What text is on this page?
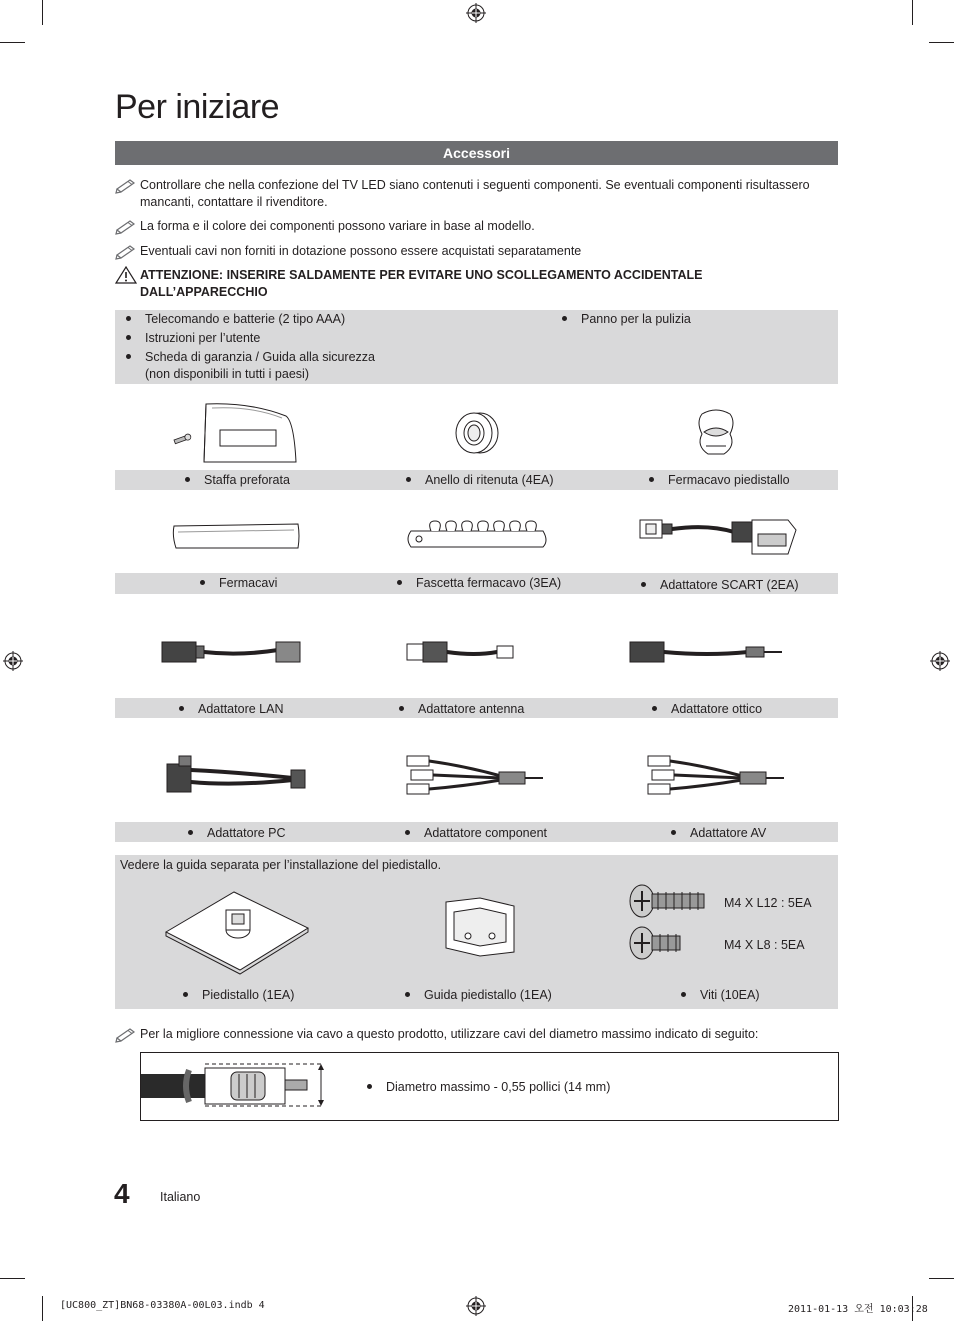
Per iniziare
Accessori
Controllare che nella confezione del TV LED siano contenuti i seguenti componenti. Se eventuali componenti risultassero mancanti, contattare il rivenditore.
La forma e il colore dei componenti possono variare in base al modello.
Eventuali cavi non forniti in dotazione possono essere acquistati separatamente
ATTENZIONE: INSERIRE SALDAMENTE PER EVITARE UNO SCOLLEGAMENTO ACCIDENTALE DALL’APPARECCHIO
Telecomando e batterie (2 tipo AAA)
Istruzioni per l’utente
Scheda di garanzia / Guida alla sicurezza
(non disponibili in tutti i paesi)
Panno per la pulizia
Staffa preforata	Anello di ritenuta (4EA)	Fermacavo piedistallo
Fermacavi	Fascetta fermacavo (3EA)	Adattatore SCART (2EA)
Adattatore LAN	Adattatore antenna	Adattatore ottico
Adattatore PC	Adattatore component	Adattatore AV
Vedere la guida separata per l’installazione del piedistallo.
M4 X L12 : 5EA
M4 X L8 : 5EA
Piedistallo (1EA)	Guida piedistallo (1EA)	Viti (10EA)
Per la migliore connessione via cavo a questo prodotto, utilizzare cavi del diametro massimo indicato di seguito:
Diametro massimo - 0,55 pollici (14 mm)
4 Italiano
[UC800_ZT]BN68-03380A-00L03.indb 4	2011-01-13 오전 10:03:28
